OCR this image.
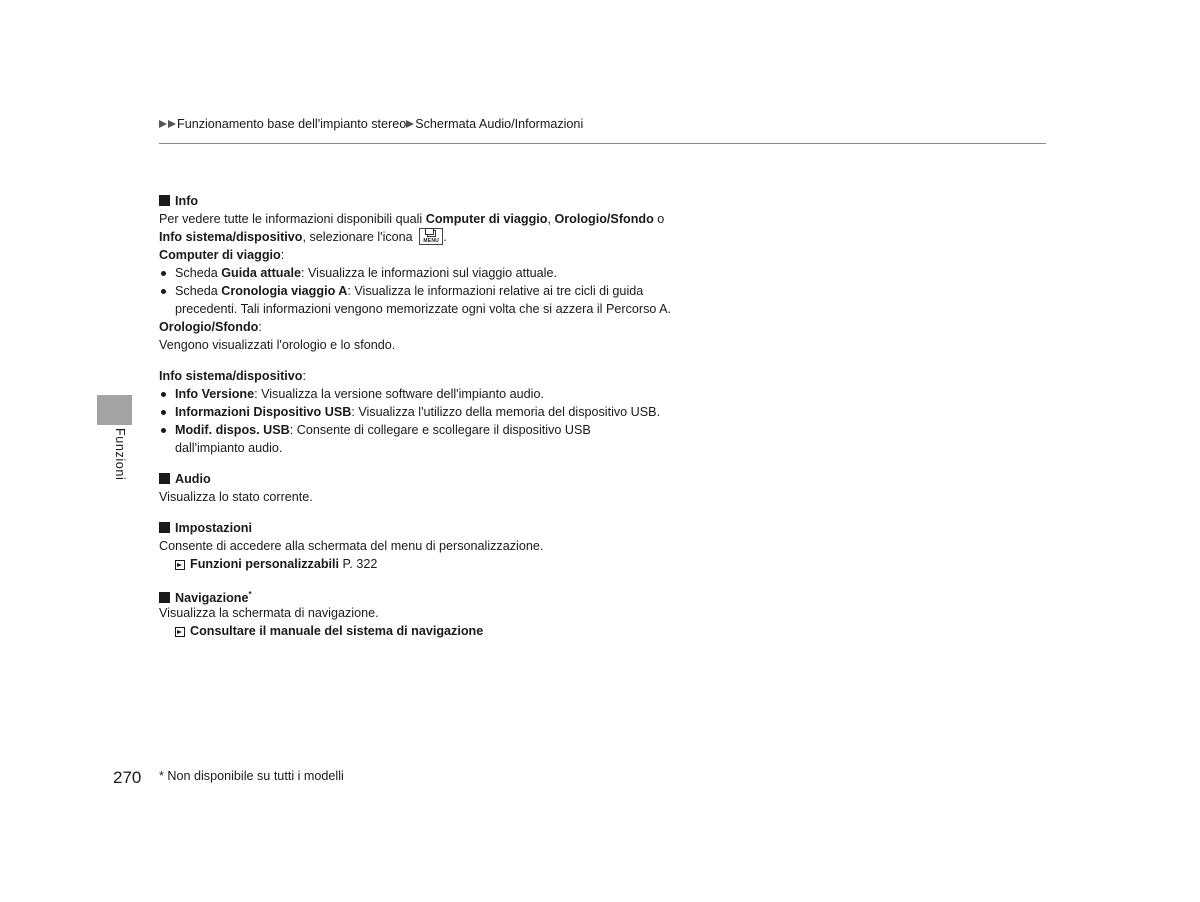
Funzionamento base dell'impianto stereo Schermata Audio/Informazioni
Funzioni
Info
Per vedere tutte le informazioni disponibili quali Computer di viaggio, Orologio/Sfondo o
Info sistema/dispositivo, selezionare l'icona	MENU .
Computer di viaggio:
Scheda Guida attuale: Visualizza le informazioni sul viaggio attuale.
Scheda Cronologia viaggio A: Visualizza le informazioni relative ai tre cicli di guida
precedenti. Tali informazioni vengono memorizzate ogni volta che si azzera il Percorso A.
Orologio/Sfondo:
Vengono visualizzati l'orologio e lo sfondo.
Info sistema/dispositivo:
Info Versione: Visualizza la versione software dell'impianto audio.
Informazioni Dispositivo USB: Visualizza l'utilizzo della memoria del dispositivo USB.
Modif. dispos. USB: Consente di collegare e scollegare il dispositivo USB
dall'impianto audio.
Audio
Visualizza lo stato corrente.
Impostazioni
Consente di accedere alla schermata del menu di personalizzazione.
Funzioni personalizzabili P. 322
Navigazione*
Visualizza la schermata di navigazione.
Consultare il manuale del sistema di navigazione
270 * Non disponibile su tutti i modelli
